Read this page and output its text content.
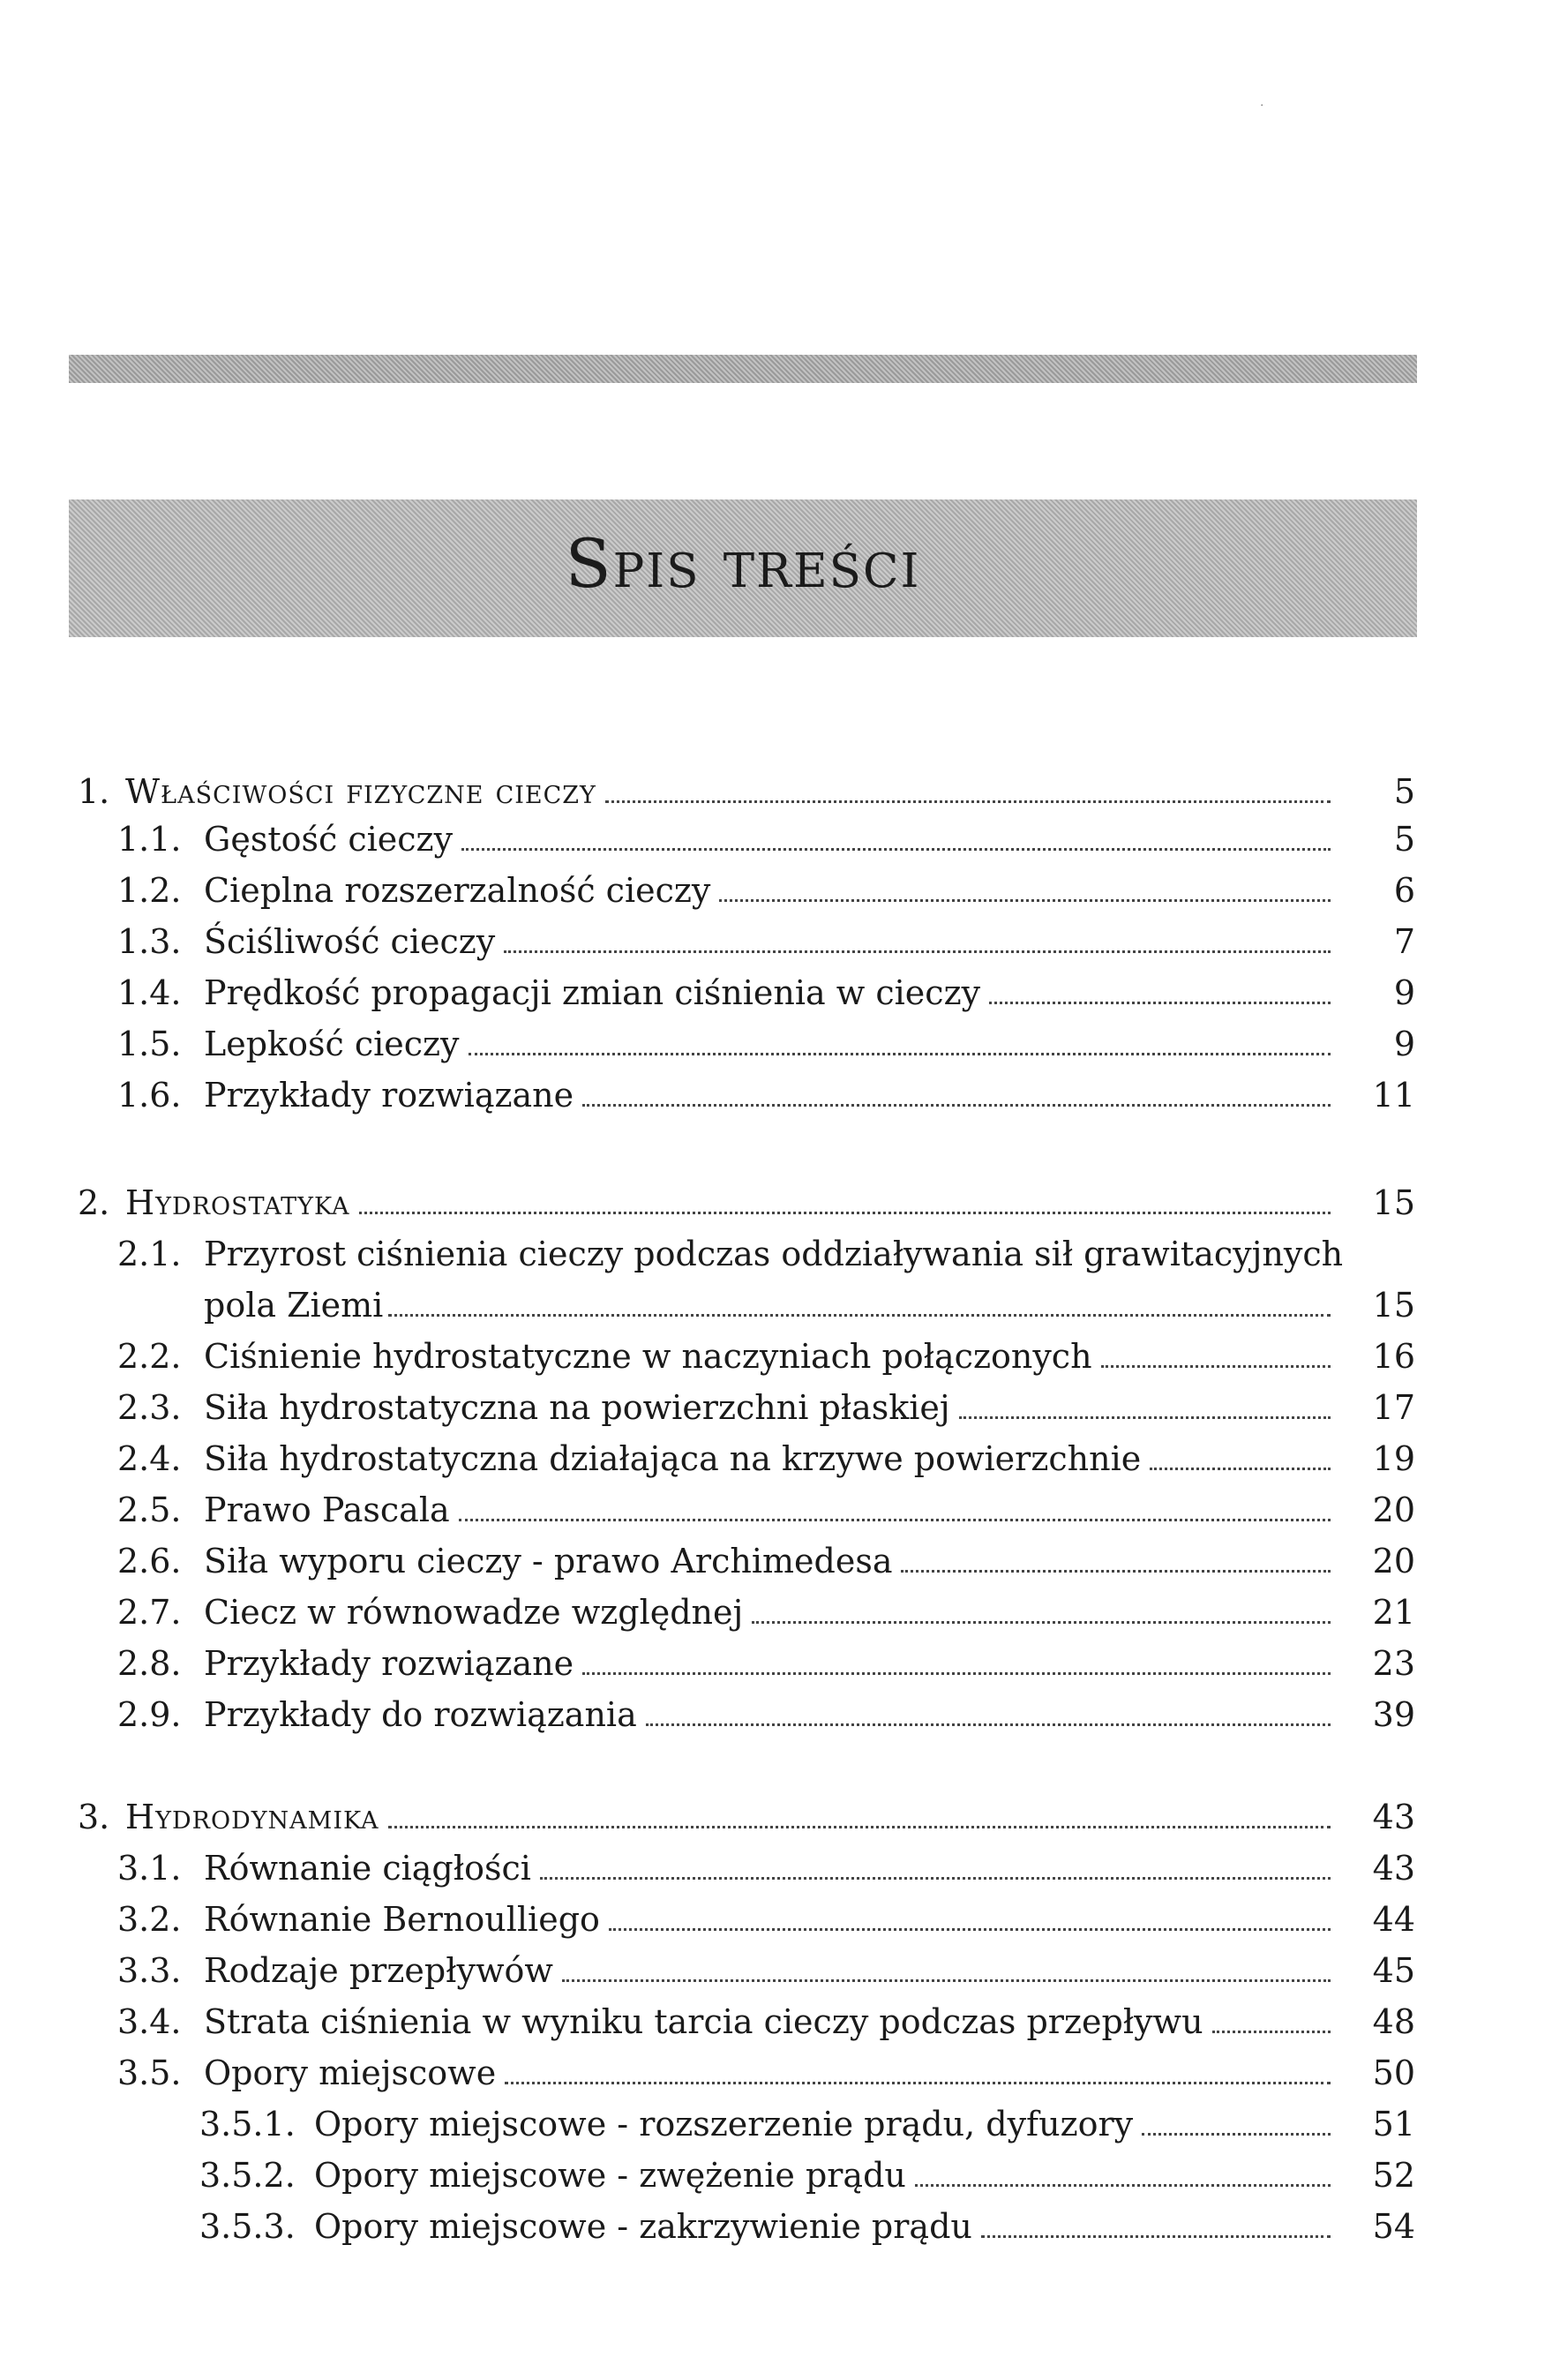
·
Spis treści
1. Właściwości fizyczne cieczy	5
1.1. Gęstość cieczy	5
1.2. Cieplna rozszerzalność cieczy	6
1.3. Ściśliwość cieczy	7
1.4. Prędkość propagacji zmian ciśnienia w cieczy	9
1.5. Lepkość cieczy	9
1.6. Przykłady rozwiązane	11
2. Hydrostatyka	15
2.1. Przyrost ciśnienia cieczy podczas oddziaływania sił grawitacyjnych
pola Ziemi	15
2.2. Ciśnienie hydrostatyczne w naczyniach połączonych	16
2.3. Siła hydrostatyczna na powierzchni płaskiej	17
2.4. Siła hydrostatyczna działająca na krzywe powierzchnie	19
2.5. Prawo Pascala	20
2.6. Siła wyporu cieczy - prawo Archimedesa	20
2.7. Ciecz w równowadze względnej	21
2.8. Przykłady rozwiązane	23
2.9. Przykłady do rozwiązania	39
3. Hydrodynamika	43
3.1. Równanie ciągłości	43
3.2. Równanie Bernoulliego	44
3.3. Rodzaje przepływów	45
3.4. Strata ciśnienia w wyniku tarcia cieczy podczas przepływu	48
3.5. Opory miejscowe	50
3.5.1. Opory miejscowe - rozszerzenie prądu, dyfuzory	51
3.5.2. Opory miejscowe - zwężenie prądu	52
3.5.3. Opory miejscowe - zakrzywienie prądu	54
